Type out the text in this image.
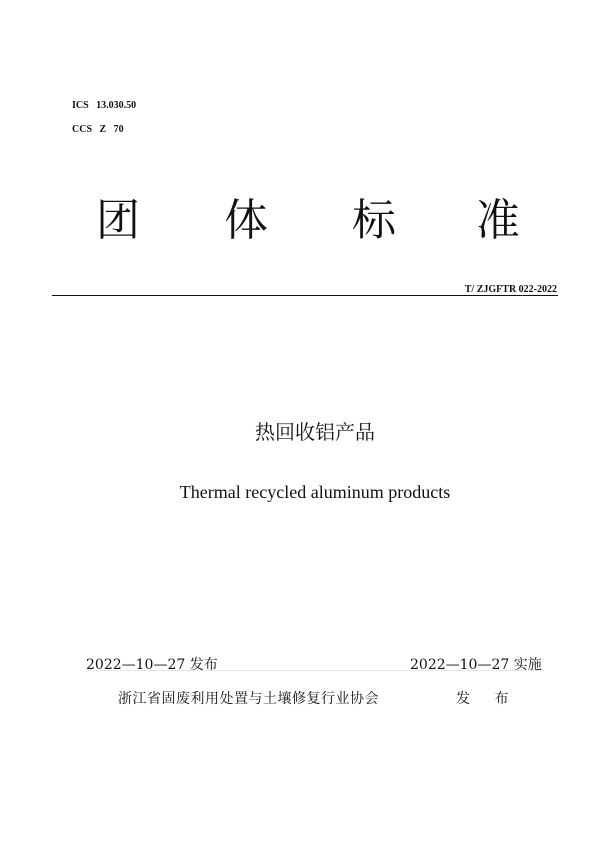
ICS   13.030.50
CCS   Z   70
团 体 标 准
T/ ZJGFTR 022-2022
热回收铝产品
Thermal recycled aluminum products
2022—10—27 发布	2022—10—27 实施
浙江省固废利用处置与土壤修复行业协会	发 布
